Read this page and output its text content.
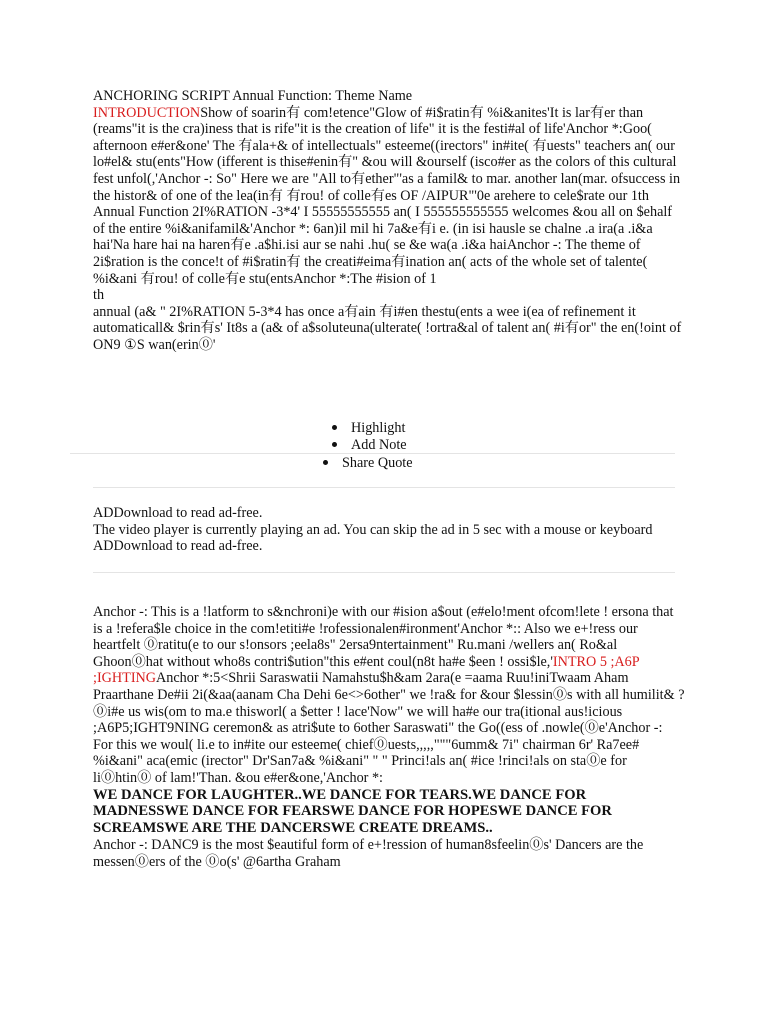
ANCHORING SCRIPT Annual Function: Theme Name

INTRODUCTIONShow of soarin有 com!etence"Glow of #i$ratin有 %i&anites'It is lar有er than (reams"it is the cra)iness that is rife"it is the creation of life" it is the festi#al of life'Anchor *:Goo( afternoon e#er&one' The 有ala+& of intellectuals" esteeme((irectors" in#ite( 有uests" teachers an( our lo#el& stu(ents"How (ifferent is thise#enin有" &ou will &ourself (isco#er as the colors of this cultural fest unfol(,'Anchor -: So" Here we are "All to有ether"'as a famil& to mar. another lan(mar. ofsuccess in the histor& of one of the lea(in有 有rou! of colle有es OF /AIPUR"'0e arehere to cele$rate our 1th Annual Function 2I%RATION -3*4' I 55555555555 an( I 555555555555 welcomes &ou all on $ehalf of the entire %i&anifamil&'Anchor *: 6an)il mil hi 7a&e有i e. (in isi hausle se chalne .a ira(a .i&a hai'Na hare hai na haren有e .a$hi.isi aur se nahi .hu( se &e wa(a .i&a haiAnchor -: The theme of 2i$ration is the conce!t of #i$ratin有 the creati#eima有ination an( acts of the whole set of talente( %i&ani 有rou! of colle有e stu(entsAnchor *:The #ision of 1

th

annual (a& " 2I%RATION 5-3*4 has once a有ain 有i#en thestu(ents a wee i(ea of refinement it automaticall& $rin有s' It8s a (a& of a$soluteuna(ulterate( !ortra&al of talent an( #i有or" the en(!oint of ON9 ①S wan(erin⓪'

Highlight
Add Note
Share Quote

ADDownload to read ad-free.

The video player is currently playing an ad. You can skip the ad in 5 sec with a mouse or keyboard

ADDownload to read ad-free.

Anchor -: This is a !latform to s&nchroni)e with our #ision a$out (e#elo!ment ofcom!lete ! ersona that is a !refera$le choice in the com!etiti#e !rofessionalen#ironment'Anchor *:: Also we e+!ress our heartfelt ⓪ratitu(e to our s!onsors ;eela8s" 2ersa9ntertainment" Ru.mani /wellers an( Ro&al Ghoon⓪hat without who8s contri$ution"this e#ent coul(n8t ha#e $een ! ossi$le,'INTRO 5 ;A6P ;IGHTINGAnchor *:5<Shrii Saraswatii Namahstu$h&am 2ara(e =aama Ruu!iniTwaam Aham Praarthane De#ii 2i(&aa(aanam Cha Dehi 6e<>6other" we !ra& for &our $lessin⓪s with all humilit& ? ⓪i#e us wis(om to ma.e thisworl( a $etter ! lace'Now" we will ha#e our tra(itional aus!icious ;A6P5;IGHT9NING ceremon& as atri$ute to 6other Saraswati" the Go((ess of .nowle(⓪e'Anchor -: For this we woul( li.e to in#ite our esteeme( chief⓪uests,,,,,"""6umm& 7i" chairman 6r' Ra7ee# %i&ani" aca(emic (irector" Dr'San7a& %i&ani" " " Princi!als an( #ice !rinci!als on sta⓪e for li⓪htin⓪ of lam!'Than. &ou e#er&one,'Anchor *:

WE DANCE FOR LAUGHTER..WE DANCE FOR TEARS.WE DANCE FOR MADNESSWE DANCE FOR FEARSWE DANCE FOR HOPESWE DANCE FOR SCREAMSWE ARE THE DANCERSWE CREATE DREAMS..

Anchor -: DANC9 is the most $eautiful form of e+!ression of human8sfeelin⓪s' Dancers are the messen⓪ers of the ⓪o(s' @6artha Graham
